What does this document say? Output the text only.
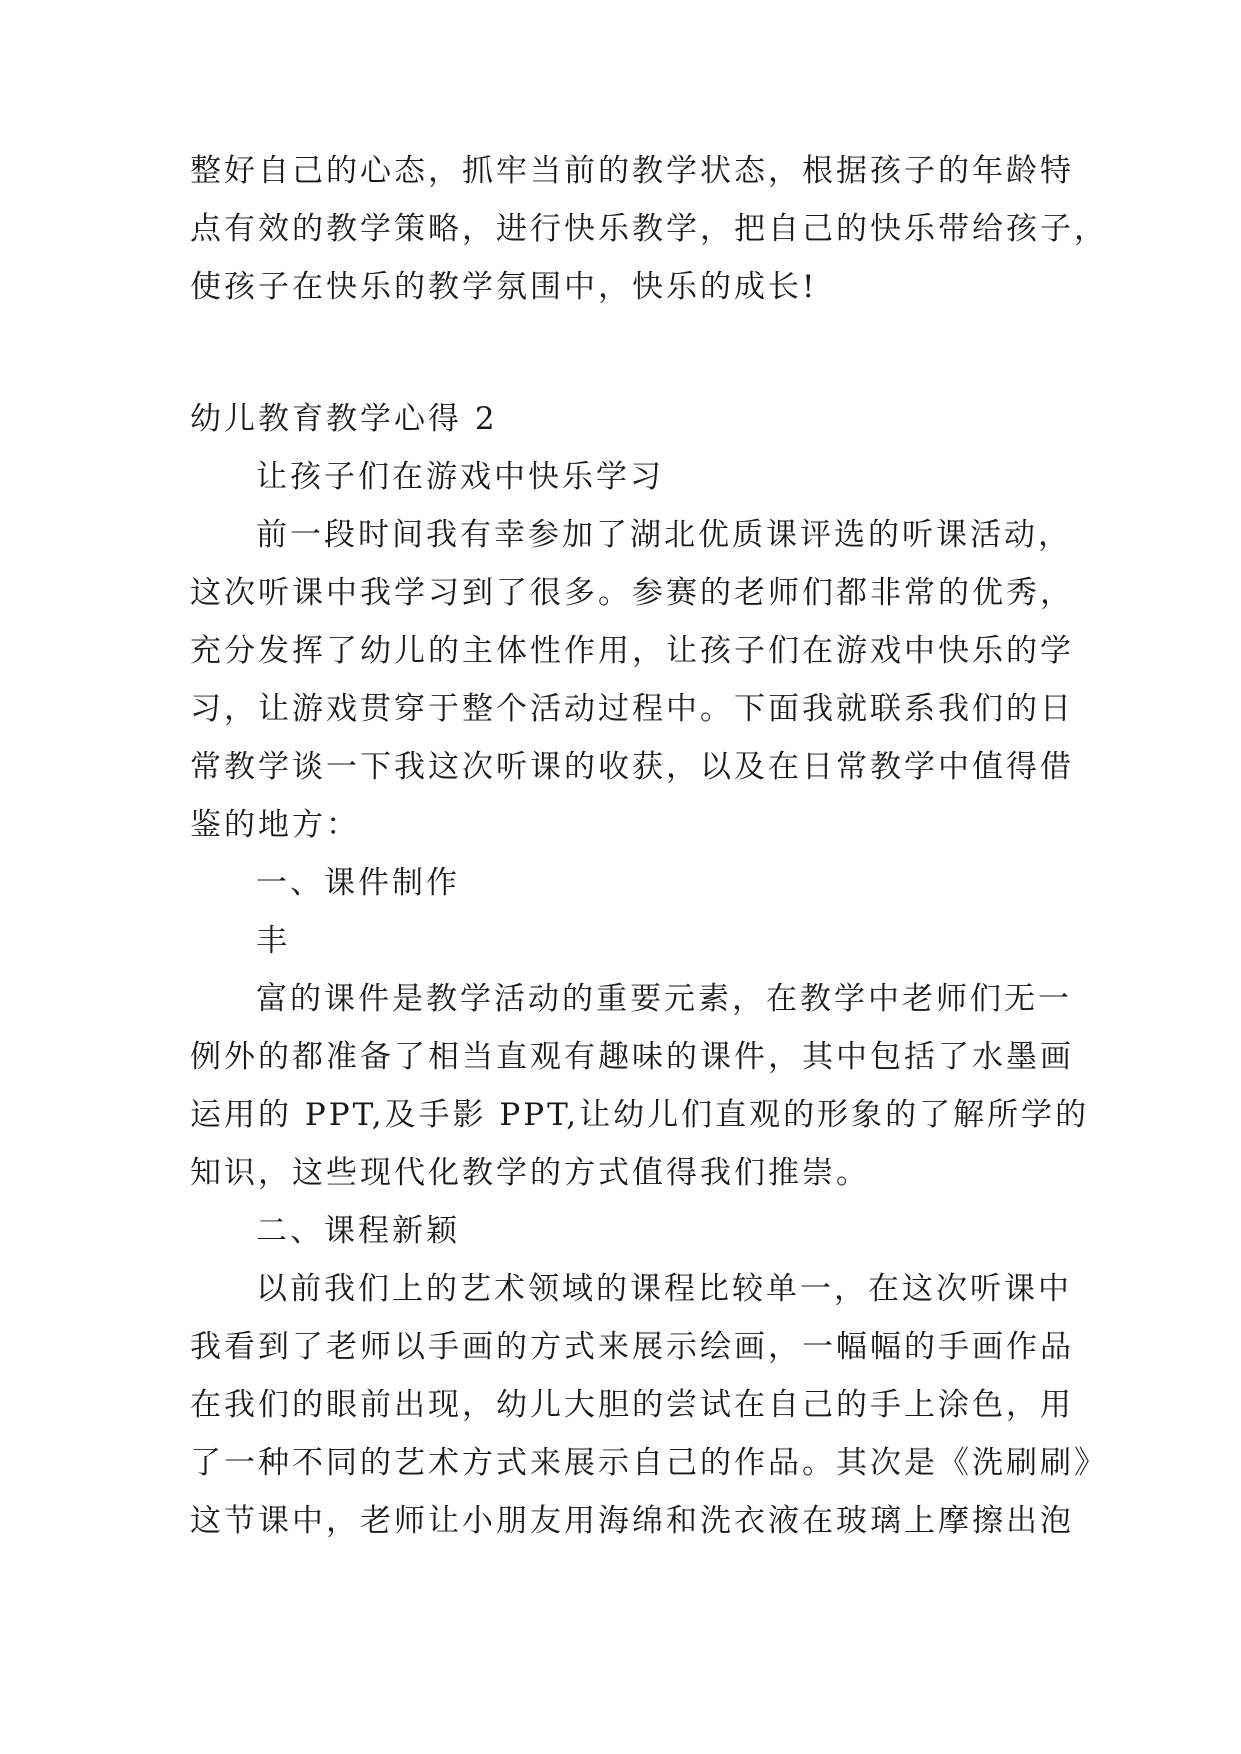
整好自己的心态，抓牢当前的教学状态，根据孩子的年龄特
点有效的教学策略，进行快乐教学，把自己的快乐带给孩子，
使孩子在快乐的教学氛围中，快乐的成长!
幼儿教育教学心得 2
让孩子们在游戏中快乐学习
前一段时间我有幸参加了湖北优质课评选的听课活动，
这次听课中我学习到了很多。参赛的老师们都非常的优秀，
充分发挥了幼儿的主体性作用，让孩子们在游戏中快乐的学
习，让游戏贯穿于整个活动过程中。下面我就联系我们的日
常教学谈一下我这次听课的收获，以及在日常教学中值得借
鉴的地方：
一、课件制作
丰
富的课件是教学活动的重要元素，在教学中老师们无一
例外的都准备了相当直观有趣味的课件，其中包括了水墨画
运用的 PPT,及手影 PPT,让幼儿们直观的形象的了解所学的
知识，这些现代化教学的方式值得我们推崇。
二、课程新颖
以前我们上的艺术领域的课程比较单一，在这次听课中
我看到了老师以手画的方式来展示绘画，一幅幅的手画作品
在我们的眼前出现，幼儿大胆的尝试在自己的手上涂色，用
了一种不同的艺术方式来展示自己的作品。其次是《洗刷刷》
这节课中，老师让小朋友用海绵和洗衣液在玻璃上摩擦出泡
